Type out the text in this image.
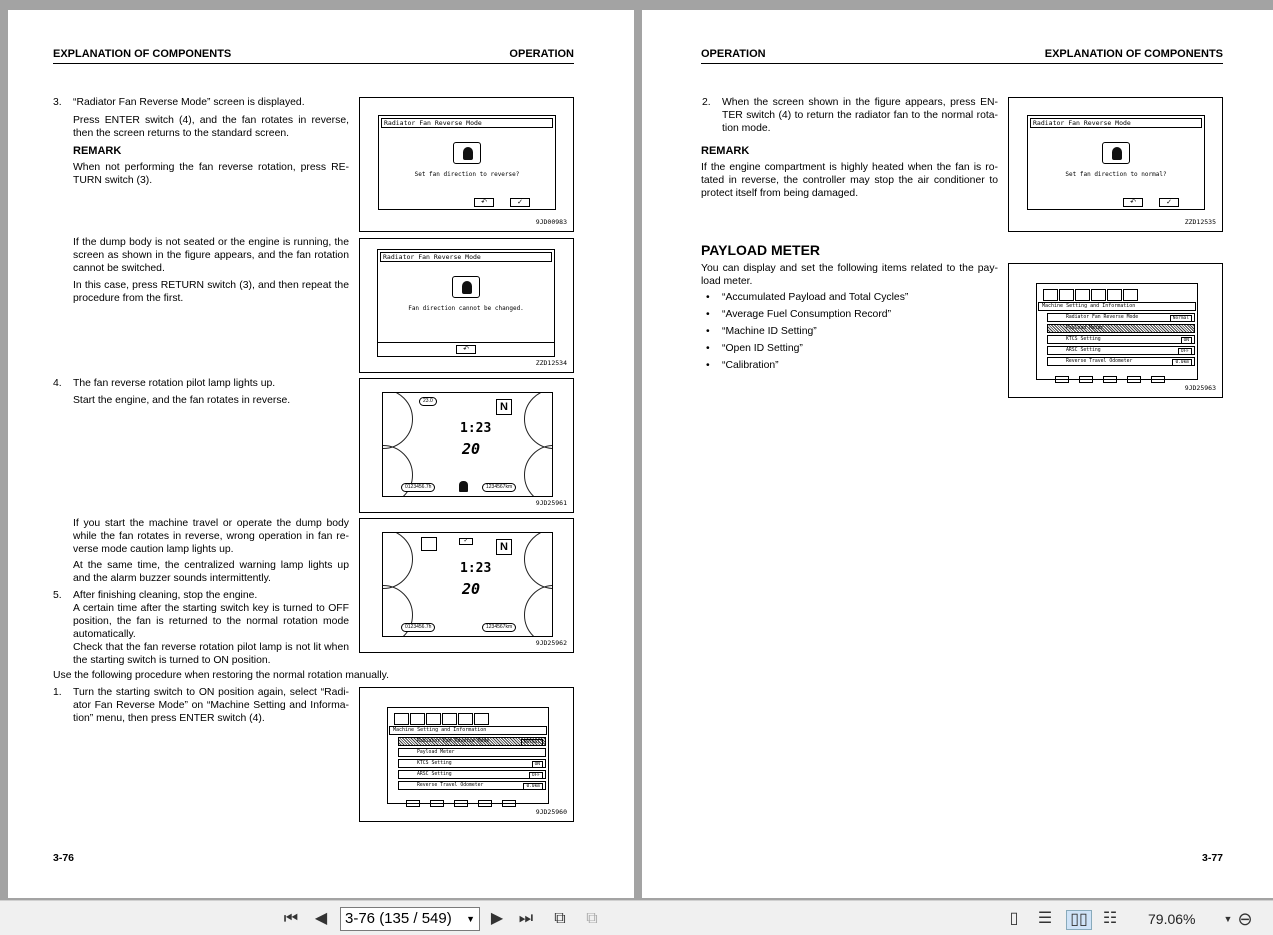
EXPLANATION OF COMPONENTS	OPERATION
3. “Radiator Fan Reverse Mode” screen is displayed.

Press ENTER switch (4), and the fan rotates in reverse, then the screen returns to the standard screen.

REMARK

When not performing the fan reverse rotation, press RE-TURN switch (3).

If the dump body is not seated or the engine is running, the screen as shown in the figure appears, and the fan rotation cannot be switched.

In this case, press RETURN switch (3), and then repeat the procedure from the first.

4. The fan reverse rotation pilot lamp lights up.

Start the engine, and the fan rotates in reverse.

If you start the machine travel or operate the dump body while the fan rotates in reverse, wrong operation in fan re-verse mode caution lamp lights up.

At the same time, the centralized warning lamp lights up and the alarm buzzer sounds intermittently.

5. After finishing cleaning, stop the engine.

A certain time after the starting switch key is turned to OFF position, the fan is returned to the normal rotation mode automatically.

Check that the fan reverse rotation pilot lamp is not lit when the starting switch is turned to ON position.

Use the following procedure when restoring the normal rotation manually.
1. Turn the starting switch to ON position again, select “Radi-ator Fan Reverse Mode” on “Machine Setting and Informa-tion” menu, then press ENTER switch (4).

Radiator Fan Reverse Mode
Set fan direction to reverse?
↶	✓
9JD00983
Radiator Fan Reverse Mode
Fan direction cannot be changed.
↶
ZZD12534
23.0	N
1:23
20
0123456.7h	1234567km
9JD25961
✓	N
1:23
20
0123456.7h	1234567km
9JD25962
Machine Setting and Information
Radiator Fan Reverse Mode	Normal
Payload Meter
KTCS Setting	ON
ARSC Setting	OFF
Reverse Travel Odometer	0.0km
9JD25960
3-76
OPERATION	EXPLANATION OF COMPONENTS
2. When the screen shown in the figure appears, press EN-TER switch (4) to return the radiator fan to the normal rota-tion mode.

REMARK

If the engine compartment is highly heated when the fan is ro-tated in reverse, the controller may stop the air conditioner to protect itself from being damaged.

PAYLOAD METER
You can display and set the following items related to the pay-load meter.
• “Accumulated Payload and Total Cycles”
• “Average Fuel Consumption Record”
• “Machine ID Setting”
• “Open ID Setting”
• “Calibration”
Radiator Fan Reverse Mode
Set fan direction to normal?
↶	✓
ZZD12535
Machine Setting and Information
Radiator Fan Reverse Mode	Normal
Payload Meter
KTCS Setting	ON
ARSC Setting	OFF
Reverse Travel Odometer	0.0km
9JD25963
3-77
⏮ ◀	▶ ⏭ ⧉ ⧉	▯	☰ ▯▯ ☷	▼ ⊖
3-76 (135 / 549) ▼	79.06%
